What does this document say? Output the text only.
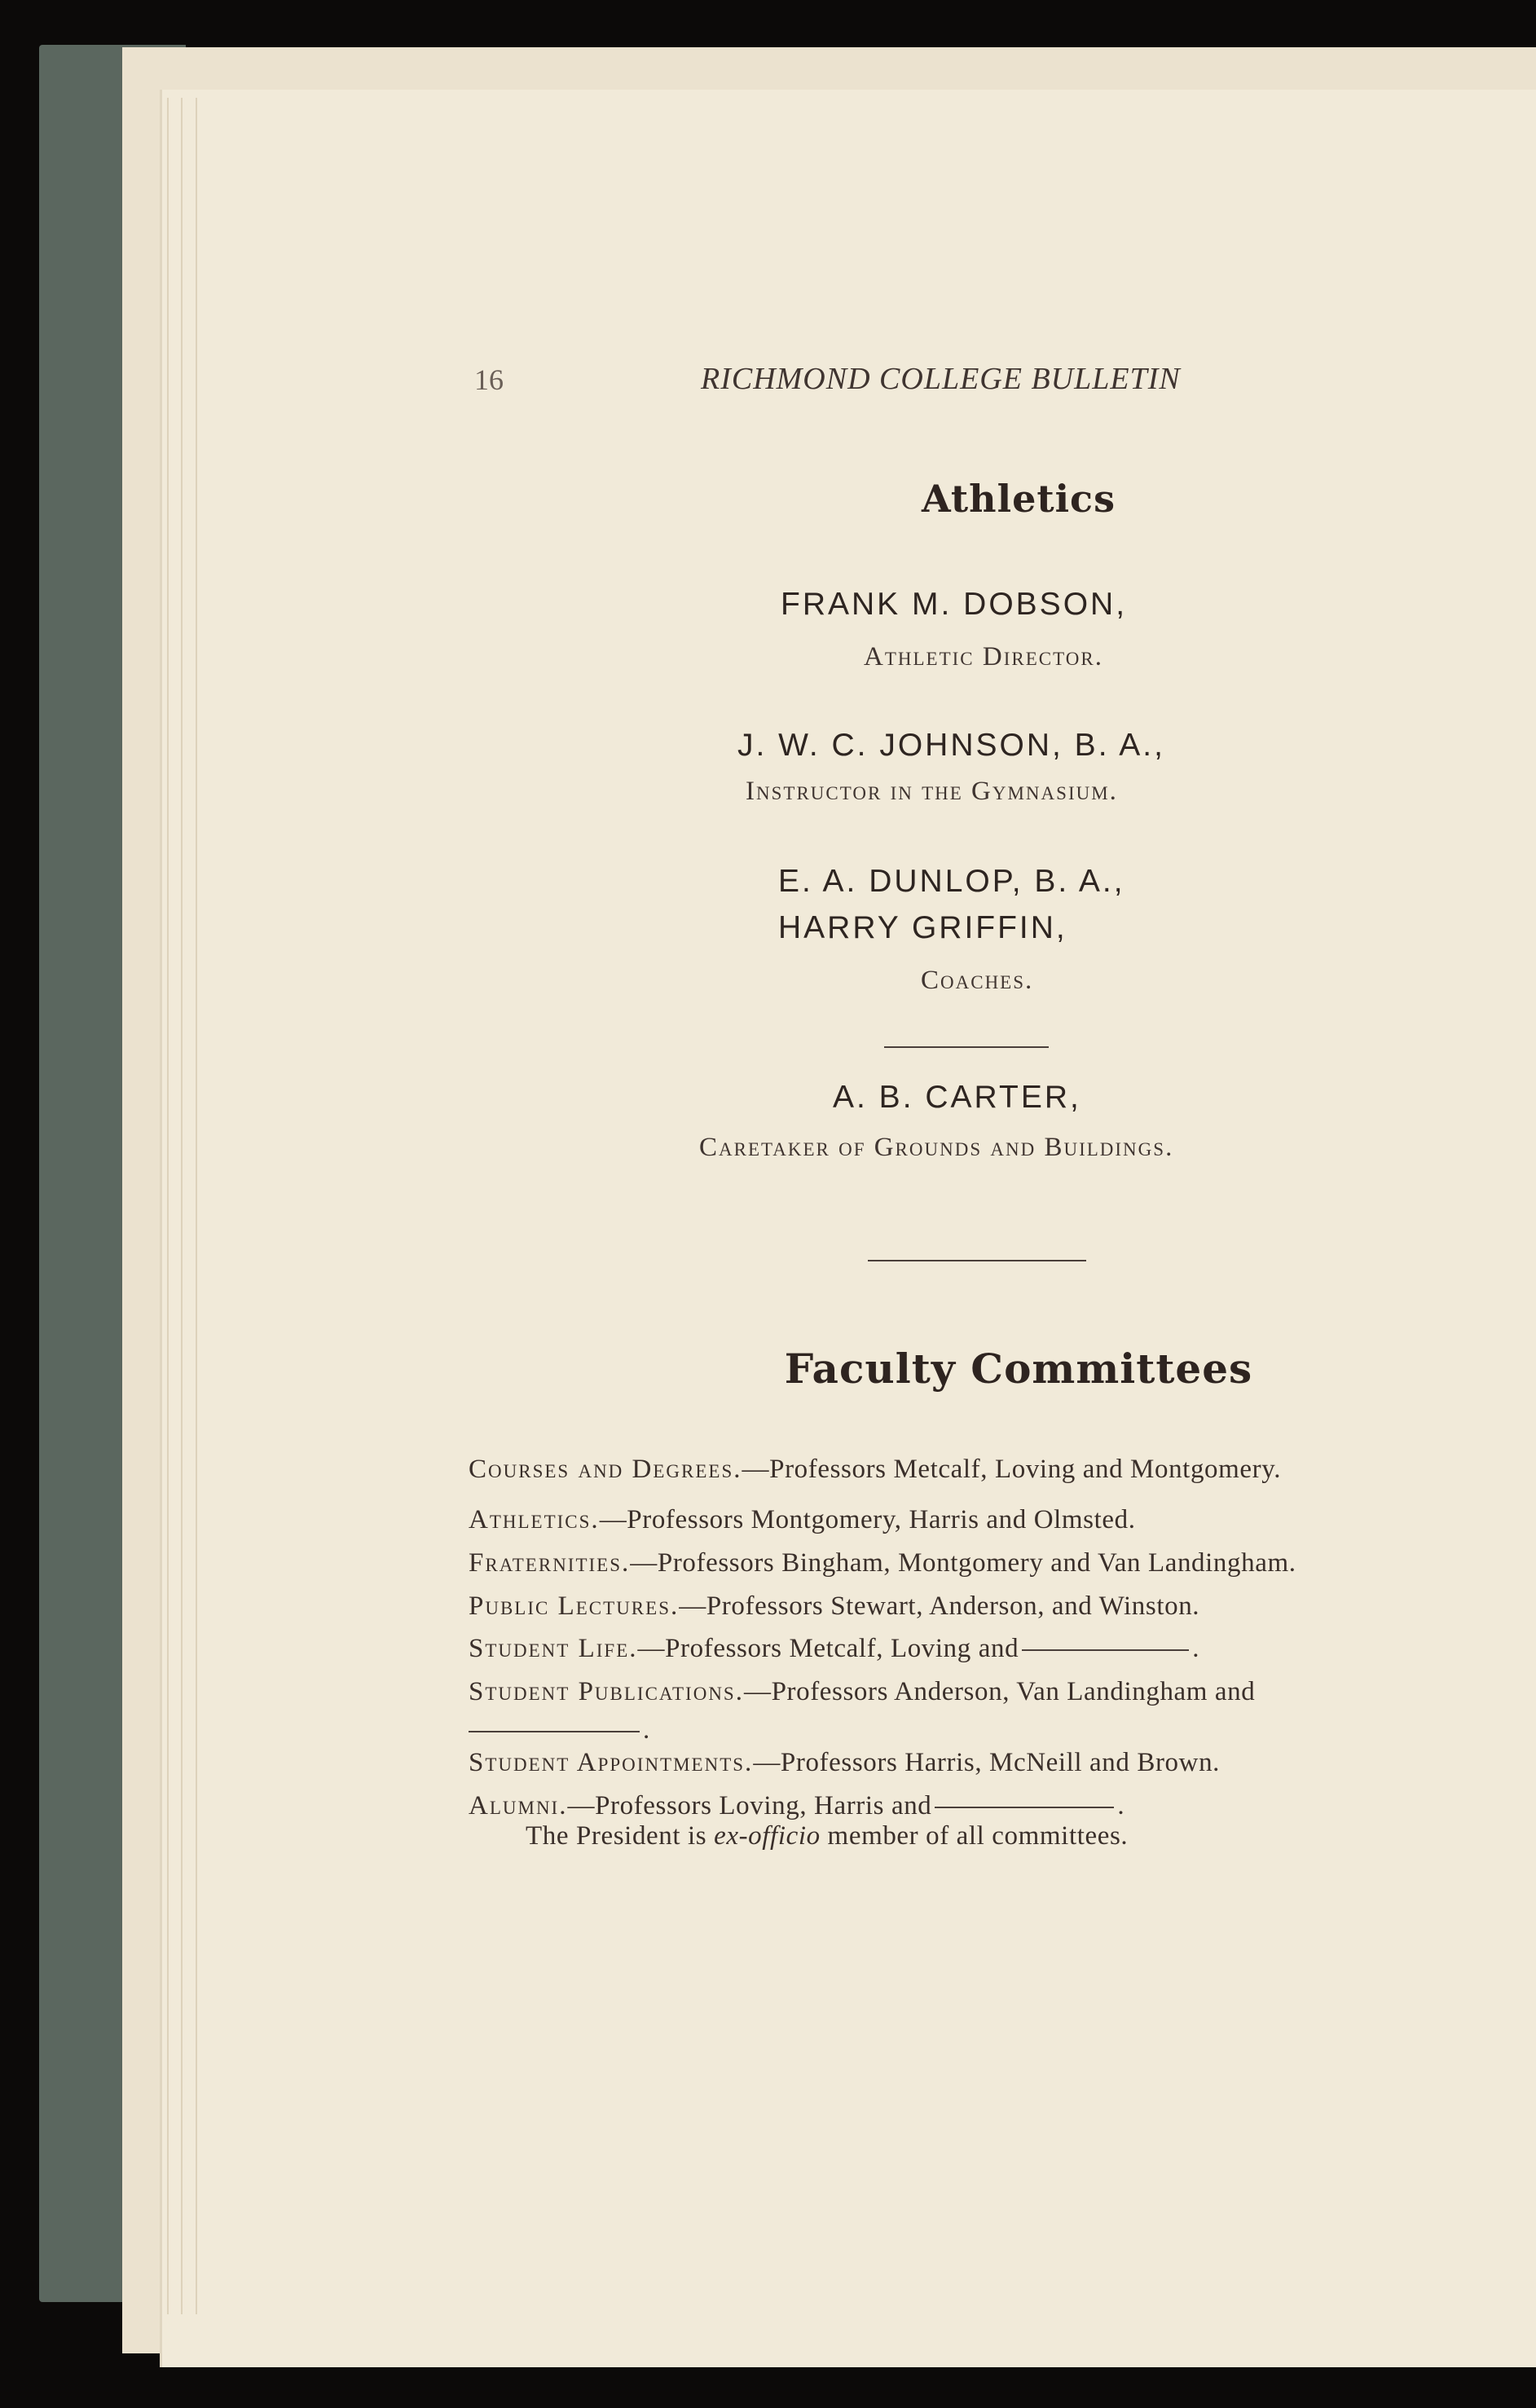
16	RICHMOND COLLEGE BULLETIN
Athletics
FRANK M. DOBSON,
Athletic Director.
J. W. C. JOHNSON, B. A.,
Instructor in the Gymnasium.
E. A. DUNLOP, B. A.,
HARRY GRIFFIN,
Coaches.
A. B. CARTER,
Caretaker of Grounds and Buildings.
Faculty Committees
Courses and Degrees.—Professors Metcalf, Loving and Montgomery.
Athletics.—Professors Montgomery, Harris and Olmsted.
Fraternities.—Professors Bingham, Montgomery and Van Landingham.
Public Lectures.—Professors Stewart, Anderson, and Winston.
Student Life.—Professors Metcalf, Loving and	.
Student Publications.—Professors Anderson, Van Landingham and
.
Student Appointments.—Professors Harris, McNeill and Brown.
Alumni.—Professors Loving, Harris and	.
The President is ex-officio member of all committees.
